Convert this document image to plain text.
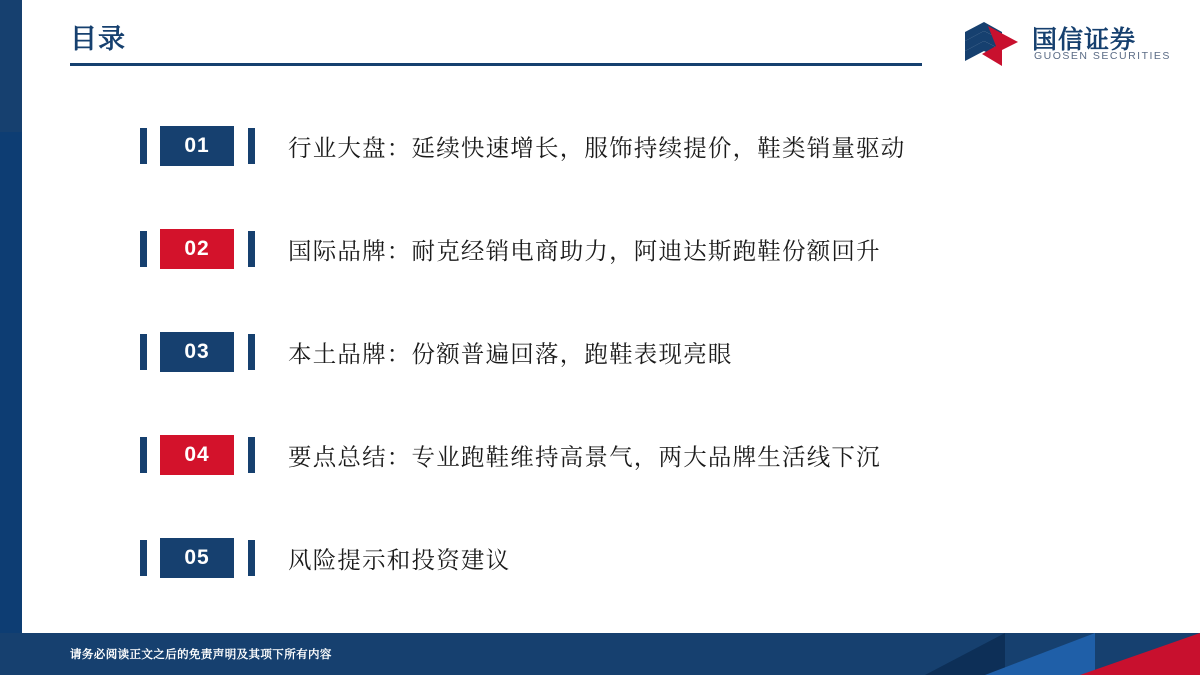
目录	国信证券
GUOSEN SECURITIES
01	行业大盘：延续快速增长，服饰持续提价，鞋类销量驱动
02	国际品牌：耐克经销电商助力，阿迪达斯跑鞋份额回升
03	本土品牌：份额普遍回落，跑鞋表现亮眼
04	要点总结：专业跑鞋维持高景气，两大品牌生活线下沉
05	风险提示和投资建议
请务必阅读正文之后的免责声明及其项下所有内容
